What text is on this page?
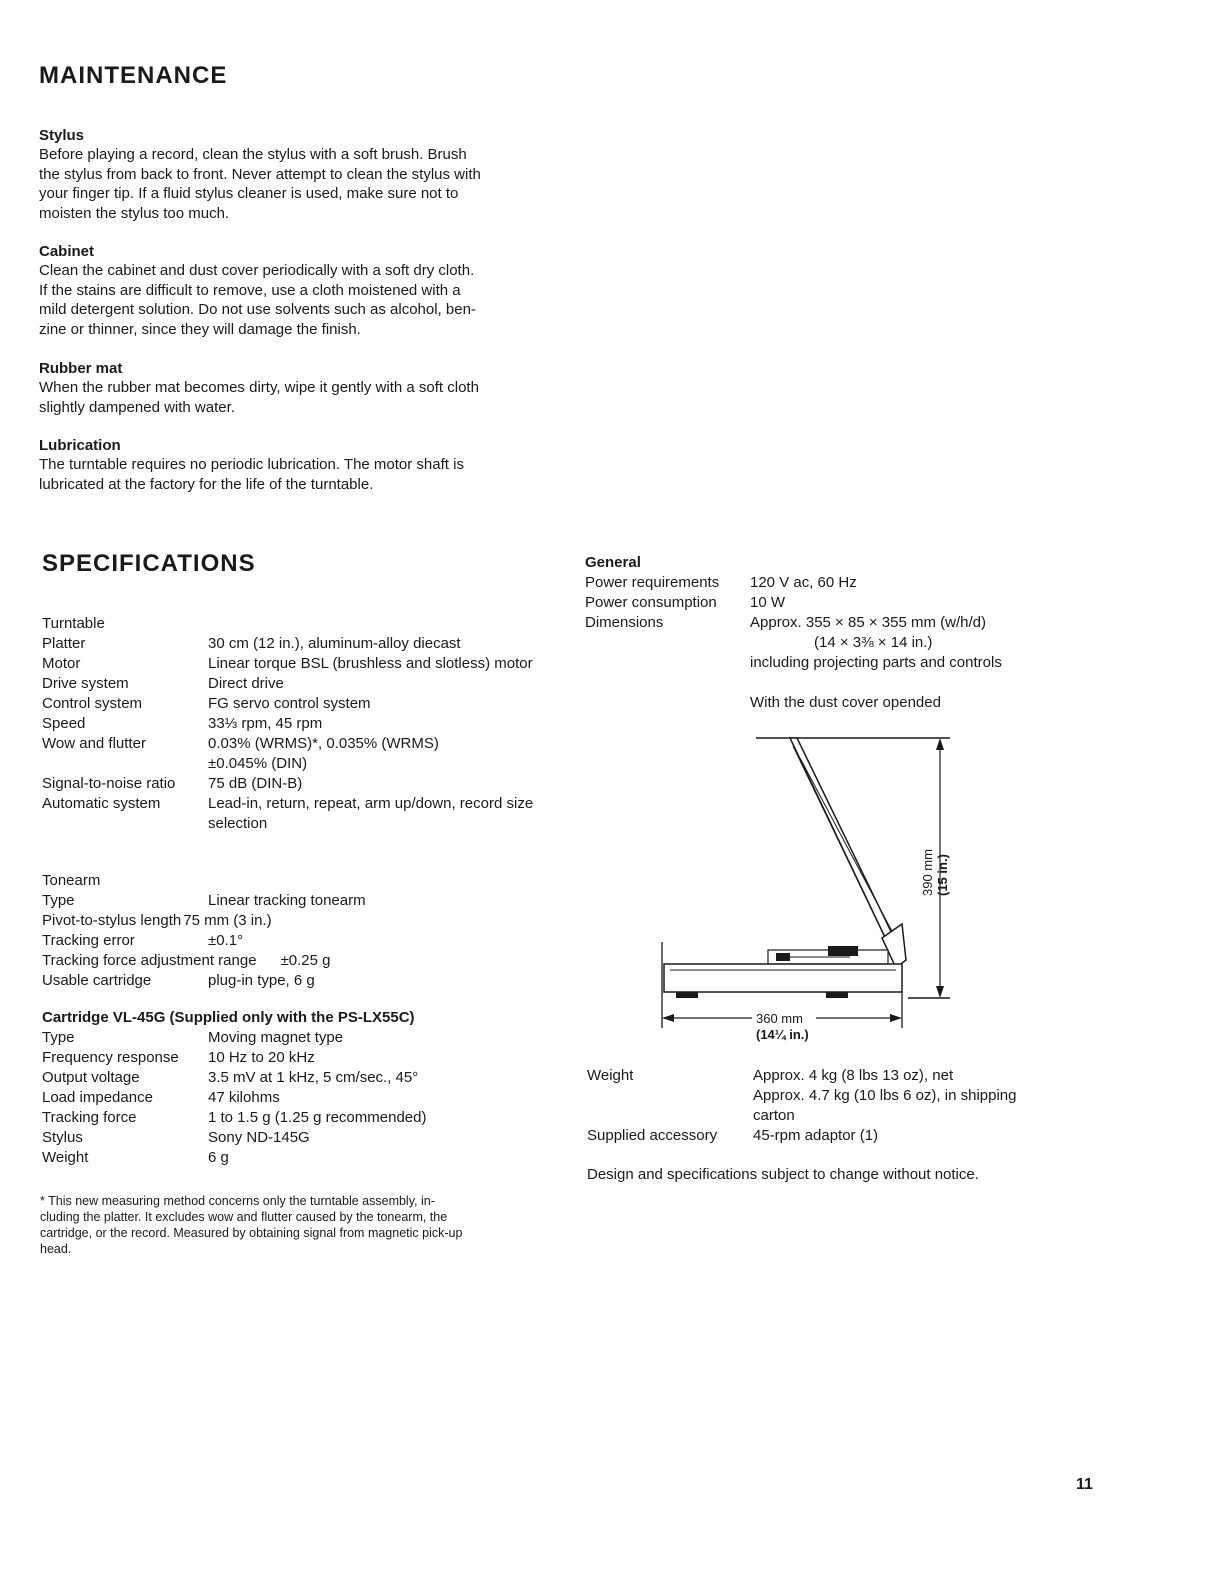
MAINTENANCE

Stylus

Before playing a record, clean the stylus with a soft brush. Brush

the stylus from back to front. Never attempt to clean the stylus with

your finger tip. If a fluid stylus cleaner is used, make sure not to

moisten the stylus too much.

Cabinet

Clean the cabinet and dust cover periodically with a soft dry cloth.

If the stains are difficult to remove, use a cloth moistened with a

mild detergent solution. Do not use solvents such as alcohol, ben-

zine or thinner, since they will damage the finish.

Rubber mat

When the rubber mat becomes dirty, wipe it gently with a soft cloth

slightly dampened with water.

Lubrication

The turntable requires no periodic lubrication. The motor shaft is

lubricated at the factory for the life of the turntable.

SPECIFICATIONS
Turntable
Platter	30 cm (12 in.), aluminum-alloy diecast
Motor	Linear torque BSL (brushless and slotless) motor
Drive system	Direct drive
Control system	FG servo control system
Speed	33⅓ rpm, 45 rpm
Wow and flutter	0.03% (WRMS)*, 0.035% (WRMS)
±0.045% (DIN)
Signal-to-noise ratio	75 dB (DIN-B)
Automatic system	Lead-in, return, repeat, arm up/down, record size selection
Tonearm
Type	Linear tracking tonearm
Pivot-to-stylus length 75 mm (3 in.)
Tracking error	±0.1°
Tracking force adjustment range	±0.25 g
Usable cartridge	plug-in type, 6 g
Cartridge VL-45G (Supplied only with the PS-LX55C)
Type	Moving magnet type
Frequency response	10 Hz to 20 kHz
Output voltage	3.5 mV at 1 kHz, 5 cm/sec., 45°
Load impedance	47 kilohms
Tracking force	1 to 1.5 g (1.25 g recommended)
Stylus	Sony ND-145G
Weight	6 g

* This new measuring method concerns only the turntable assembly, in-

cluding the platter. It excludes wow and flutter caused by the tonearm, the

cartridge, or the record. Measured by obtaining signal from magnetic pick-up

head.

General
Power requirements	120 V ac, 60 Hz
Power consumption	10 W
Dimensions	Approx. 355 × 85 × 355 mm (w/h/d)
(14 × 3⅜ × 14 in.)
including projecting parts and controls
With the dust cover opended
390 mm (15 in.)
360 mm
(14¼ in.)
Weight	Approx. 4 kg (8 lbs 13 oz), net
Approx. 4.7 kg (10 lbs 6 oz), in shipping
carton
Supplied accessory	45-rpm adaptor (1)
Design and specifications subject to change without notice.
11
